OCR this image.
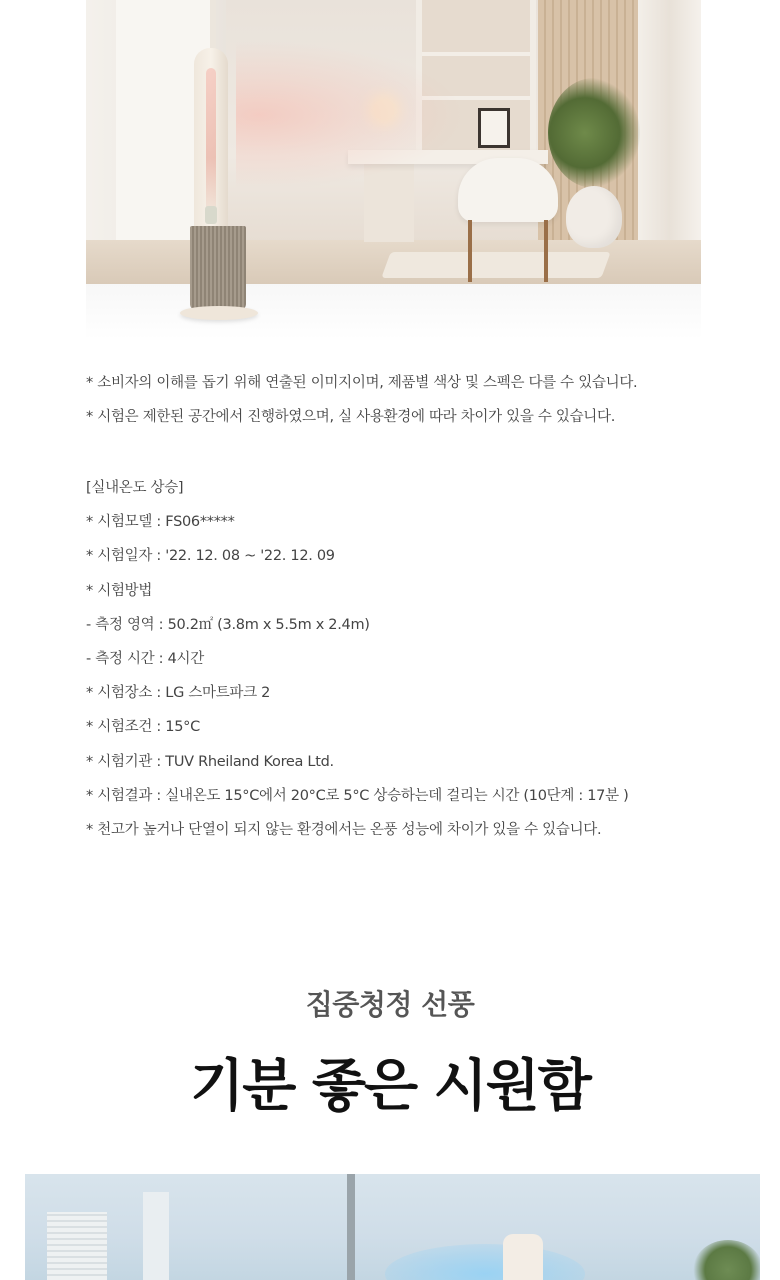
* 소비자의 이해를 돕기 위해 연출된 이미지이며, 제품별 색상 및 스펙은 다를 수 있습니다.

* 시험은 제한된 공간에서 진행하였으며, 실 사용환경에 따라 차이가 있을 수 있습니다.

[실내온도 상승]

* 시험모델 : FS06*****

* 시험일자 : '22. 12. 08 ~ '22. 12. 09

* 시험방법

- 측정 영역 : 50.2㎡ (3.8m x 5.5m x 2.4m)

- 측정 시간 : 4시간

* 시험장소 : LG 스마트파크 2

* 시험조건 : 15°C

* 시험기관 : TUV Rheiland Korea Ltd.

* 시험결과 : 실내온도 15°C에서 20°C로 5°C 상승하는데 걸리는 시간 (10단계 : 17분 )

* 천고가 높거나 단열이 되지 않는 환경에서는 온풍 성능에 차이가 있을 수 있습니다.

집중청정 선풍
기분 좋은 시원함
